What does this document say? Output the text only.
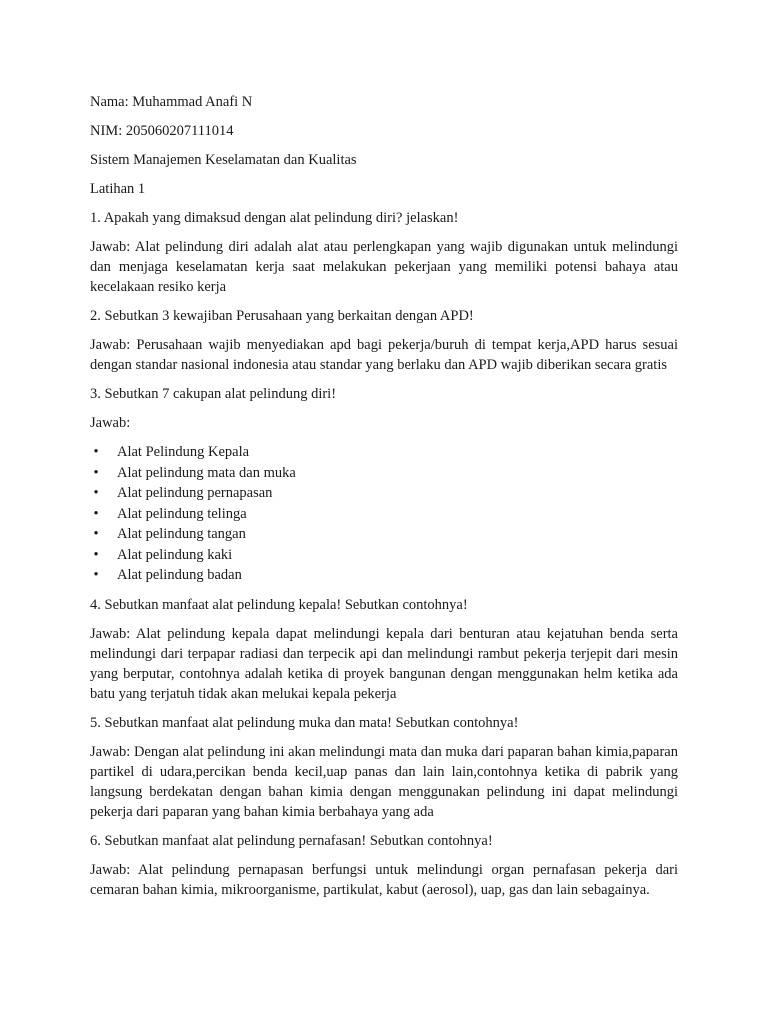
Nama: Muhammad Anafi N
NIM: 205060207111014
Sistem Manajemen Keselamatan dan Kualitas
Latihan 1
1. Apakah yang dimaksud dengan alat pelindung diri? jelaskan!
Jawab: Alat pelindung diri adalah alat atau perlengkapan yang wajib digunakan untuk melindungi dan menjaga keselamatan kerja saat melakukan pekerjaan yang memiliki potensi bahaya atau kecelakaan resiko kerja
2. Sebutkan 3 kewajiban Perusahaan yang berkaitan dengan APD!
Jawab: Perusahaan wajib menyediakan apd bagi pekerja/buruh di tempat kerja,APD harus sesuai dengan standar nasional indonesia atau standar yang berlaku dan APD wajib diberikan secara gratis
3. Sebutkan 7 cakupan alat pelindung diri!
Jawab:
• Alat Pelindung Kepala
• Alat pelindung mata dan muka
• Alat pelindung pernapasan
• Alat pelindung telinga
• Alat pelindung tangan
• Alat pelindung kaki
• Alat pelindung badan
4. Sebutkan manfaat alat pelindung kepala! Sebutkan contohnya!
Jawab: Alat pelindung kepala dapat melindungi kepala dari benturan atau kejatuhan benda serta melindungi dari terpapar radiasi dan terpecik api dan melindungi rambut pekerja terjepit dari mesin yang berputar, contohnya adalah ketika di proyek bangunan dengan menggunakan helm ketika ada batu yang terjatuh tidak akan melukai kepala pekerja
5. Sebutkan manfaat alat pelindung muka dan mata! Sebutkan contohnya!
Jawab: Dengan alat pelindung ini akan melindungi mata dan muka dari paparan bahan kimia,paparan partikel di udara,percikan benda kecil,uap panas dan lain lain,contohnya ketika di pabrik yang langsung berdekatan dengan bahan kimia dengan menggunakan pelindung ini dapat melindungi pekerja dari paparan yang bahan kimia berbahaya yang ada
6. Sebutkan manfaat alat pelindung pernafasan! Sebutkan contohnya!
Jawab: Alat pelindung pernapasan berfungsi untuk melindungi organ pernafasan pekerja dari cemaran bahan kimia, mikroorganisme, partikulat, kabut (aerosol), uap, gas dan lain sebagainya.
